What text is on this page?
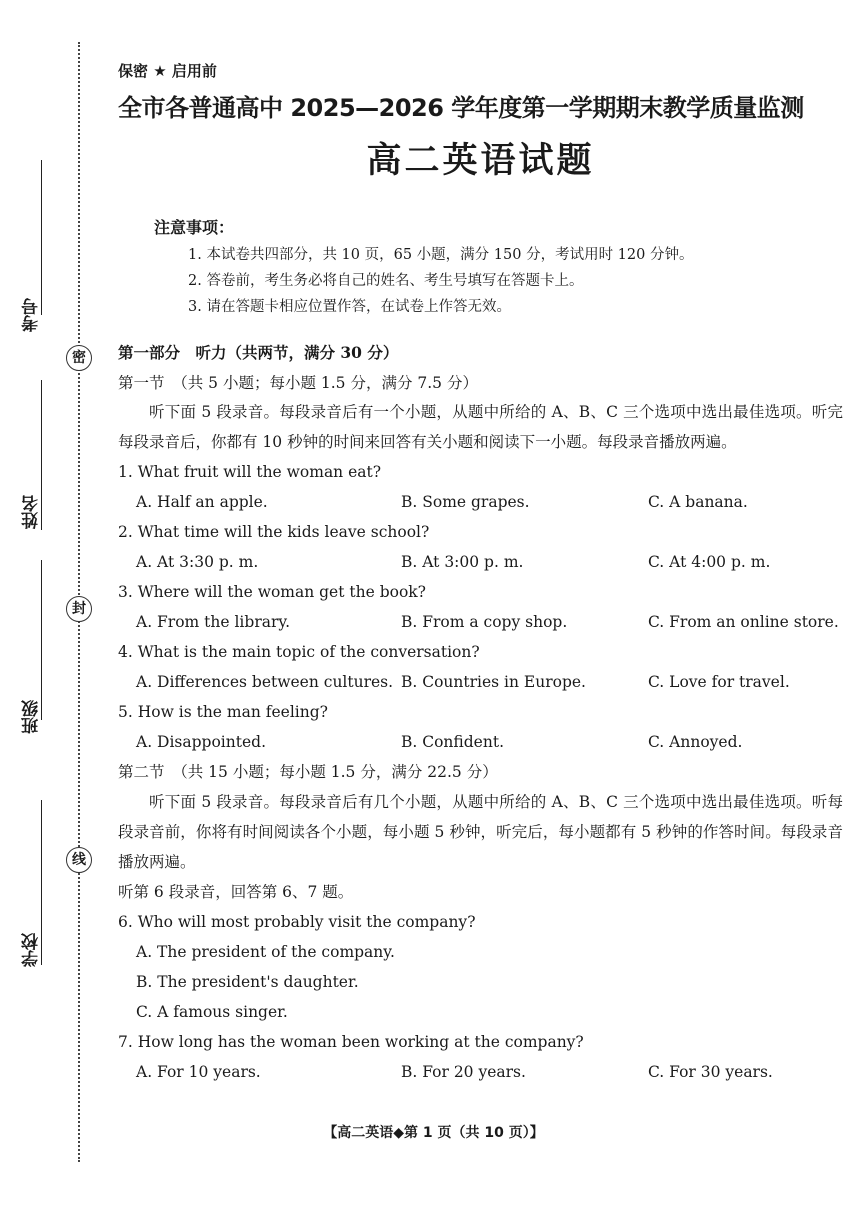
考号
密
姓名
封
班级
线
学校
保密 ★ 启用前
全市各普通高中 2025—2026 学年度第一学期期末教学质量监测
高二英语试题
注意事项：
1. 本试卷共四部分，共 10 页，65 小题，满分 150 分，考试用时 120 分钟。
2. 答卷前，考生务必将自己的姓名、考生号填写在答题卡上。
3. 请在答题卡相应位置作答，在试卷上作答无效。
第一部分　听力（共两节，满分 30 分）
第一节　（共 5 小题；每小题 1.5 分，满分 7.5 分）

听下面 5 段录音。每段录音后有一个小题，从题中所给的 A、B、C 三个选项中选出最佳选项。听完每段录音后，你都有 10 秒钟的时间来回答有关小题和阅读下一小题。每段录音播放两遍。

1. What fruit will the woman eat?
A. Half an apple.	B. Some grapes.	C. A banana.
2. What time will the kids leave school?
A. At 3:30 p. m.	B. At 3:00 p. m.	C. At 4:00 p. m.
3. Where will the woman get the book?
A. From the library.	B. From a copy shop.	C. From an online store.
4. What is the main topic of the conversation?
A. Differences between cultures. B. Countries in Europe.	C. Love for travel.
5. How is the man feeling?
A. Disappointed.	B. Confident.	C. Annoyed.
第二节　（共 15 小题；每小题 1.5 分，满分 22.5 分）

听下面 5 段录音。每段录音后有几个小题，从题中所给的 A、B、C 三个选项中选出最佳选项。听每段录音前，你将有时间阅读各个小题，每小题 5 秒钟，听完后，每小题都有 5 秒钟的作答时间。每段录音播放两遍。

听第 6 段录音，回答第 6、7 题。
6. Who will most probably visit the company?
A. The president of the company.
B. The president's daughter.
C. A famous singer.
7. How long has the woman been working at the company?
A. For 10 years.	B. For 20 years.	C. For 30 years.
【高二英语◆第 1 页（共 10 页）】
